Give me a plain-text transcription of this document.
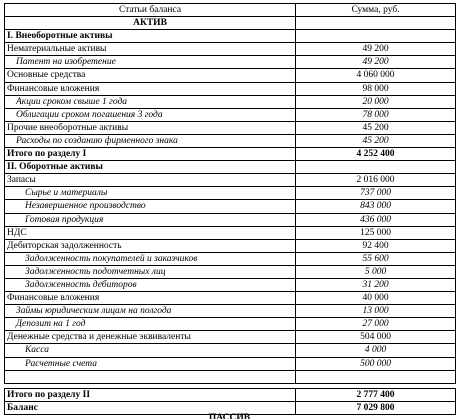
Статьи баланса	Сумма, руб.
АКТИВ	
I. Внеоборотные активы	
Нематериальные активы	49 200
Патент на изобретение	49 200
Основные средства	4 060 000
Финансовые вложения	98 000
Акции сроком свыше 1 года	20 000
Облигации сроком погашения 3 года	78 000
Прочие внеоборотные активы	45 200
Расходы по созданию фирменного знака	45 200
Итого по разделу I	4 252 400
II. Оборотные активы	
Запасы	2 016 000
Сырье и материалы	737 000
Незавершенное производство	843 000
Готовая продукция	436 000
НДС	125 000
Дебиторская задолженность	92 400
Задолженность покупателей и заказчиков	55 600
Задолженность подотчетных лиц	5 000
Задолженность дебиторов	31 200
Финансовые вложения	40 000
Займы юридическим лицам на полгода	13 000
Депозит на 1 год	27 000
Денежные средства и денежные эквиваленты	504 000
Касса	4 000
Расчетные счета	500 000

Итого по разделу II	2 777 400
Баланс	7 029 800
ПАССИВ
